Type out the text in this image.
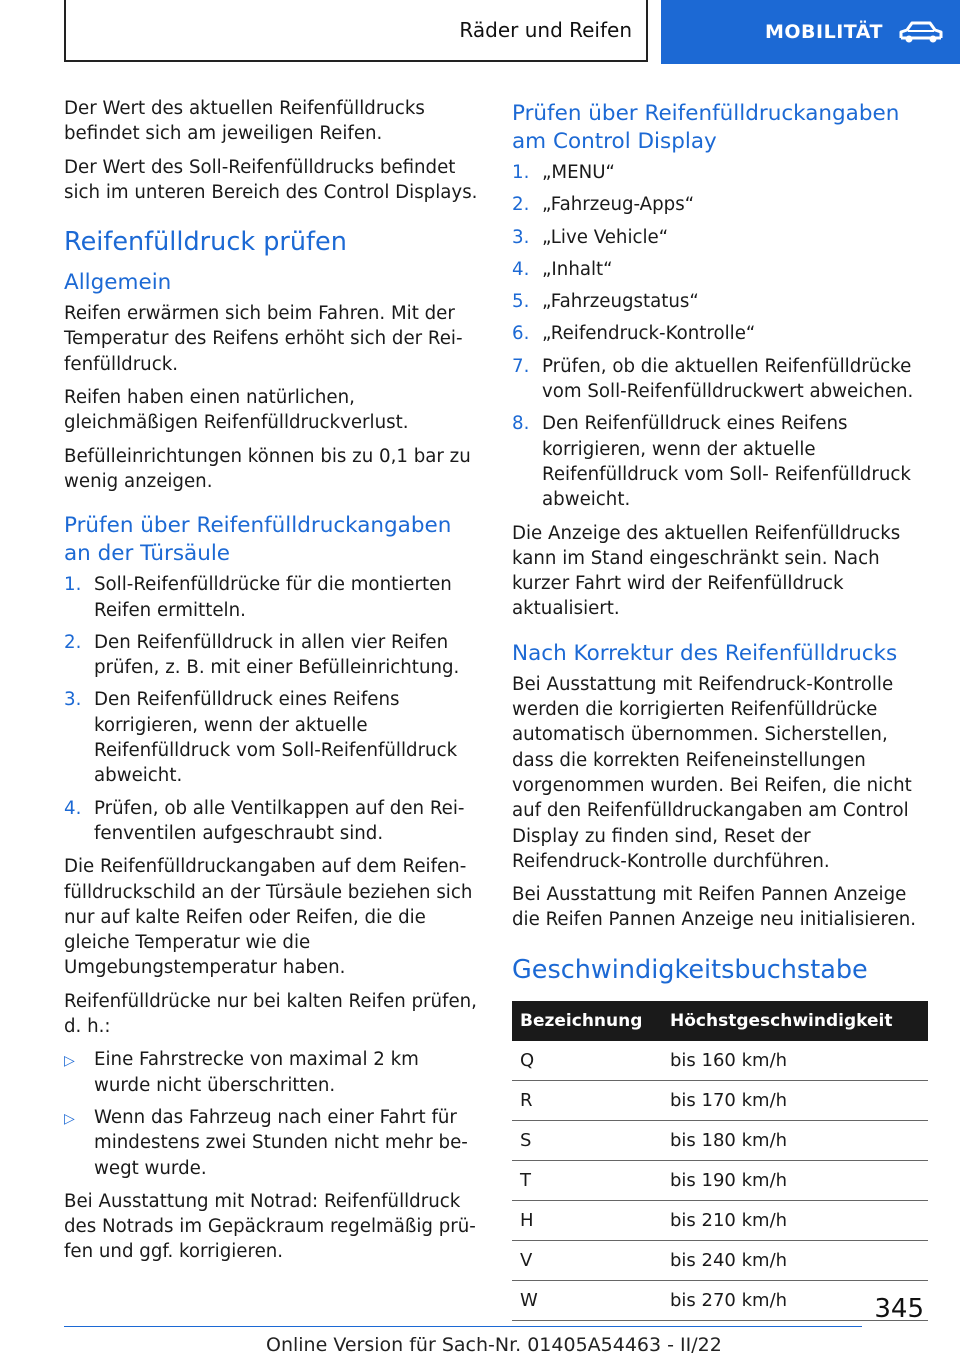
Räder und Reifen	MOBILITÄT

Der Wert des aktuellen Reifenfülldrucks befindet sich am jeweiligen Reifen.

Der Wert des Soll-Reifenfülldrucks befindet sich im unteren Bereich des Control Displays.

Reifenfülldruck prüfen
Allgemein

Reifen erwärmen sich beim Fahren. Mit der Temperatur des Reifens erhöht sich der Reifenfülldruck.

Reifen haben einen natürlichen, gleichmäßigen Reifenfülldruckverlust.

Befülleinrichtungen können bis zu 0,1 bar zu wenig anzeigen.

Prüfen über Reifenfülldruckangaben an der Türsäule
1. Soll-Reifenfülldrücke für die montierten Reifen ermitteln.
2. Den Reifenfülldruck in allen vier Reifen prüfen, z. B. mit einer Befülleinrichtung.
3. Den Reifenfülldruck eines Reifens korrigieren, wenn der aktuelle Reifenfülldruck vom Soll-Reifenfülldruck abweicht.
4. Prüfen, ob alle Ventilkappen auf den Reifenventilen aufgeschraubt sind.

Die Reifenfülldruckangaben auf dem Reifenfülldruckschild an der Türsäule beziehen sich nur auf kalte Reifen oder Reifen, die die gleiche Temperatur wie die Umgebungstemperatur haben.

Reifenfülldrücke nur bei kalten Reifen prüfen, d. h.:

▷	Eine Fahrstrecke von maximal 2 km wurde nicht überschritten.
▷	Wenn das Fahrzeug nach einer Fahrt für mindestens zwei Stunden nicht mehr bewegt wurde.

Bei Ausstattung mit Notrad: Reifenfülldruck des Notrads im Gepäckraum regelmäßig prüfen und ggf. korrigieren.

Prüfen über Reifenfülldruckangaben am Control Display
1. „MENU“
2. „Fahrzeug-Apps“
3. „Live Vehicle“
4. „Inhalt“
5. „Fahrzeugstatus“
6. „Reifendruck-Kontrolle“
7. Prüfen, ob die aktuellen Reifenfülldrücke vom Soll-Reifenfülldruckwert abweichen.
8. Den Reifenfülldruck eines Reifens korrigieren, wenn der aktuelle Reifenfülldruck vom Soll- Reifenfülldruck abweicht.

Die Anzeige des aktuellen Reifenfülldrucks kann im Stand eingeschränkt sein. Nach kurzer Fahrt wird der Reifenfülldruck aktualisiert.

Nach Korrektur des Reifenfülldrucks

Bei Ausstattung mit Reifendruck-Kontrolle werden die korrigierten Reifenfülldrücke automatisch übernommen. Sicherstellen, dass die korrekten Reifeneinstellungen vorgenommen wurden. Bei Reifen, die nicht auf den Reifenfülldruckangaben am Control Display zu finden sind, Reset der Reifendruck-Kontrolle durchführen.

Bei Ausstattung mit Reifen Pannen Anzeige die Reifen Pannen Anzeige neu initialisieren.

Geschwindigkeitsbuchstabe
Bezeichnung	Höchstgeschwindigkeit
Q	bis 160 km/h
R	bis 170 km/h
S	bis 180 km/h
T	bis 190 km/h
H	bis 210 km/h
V	bis 240 km/h
W	bis 270 km/h	345
Online Version für Sach-Nr. 01405A54463 - II/22
